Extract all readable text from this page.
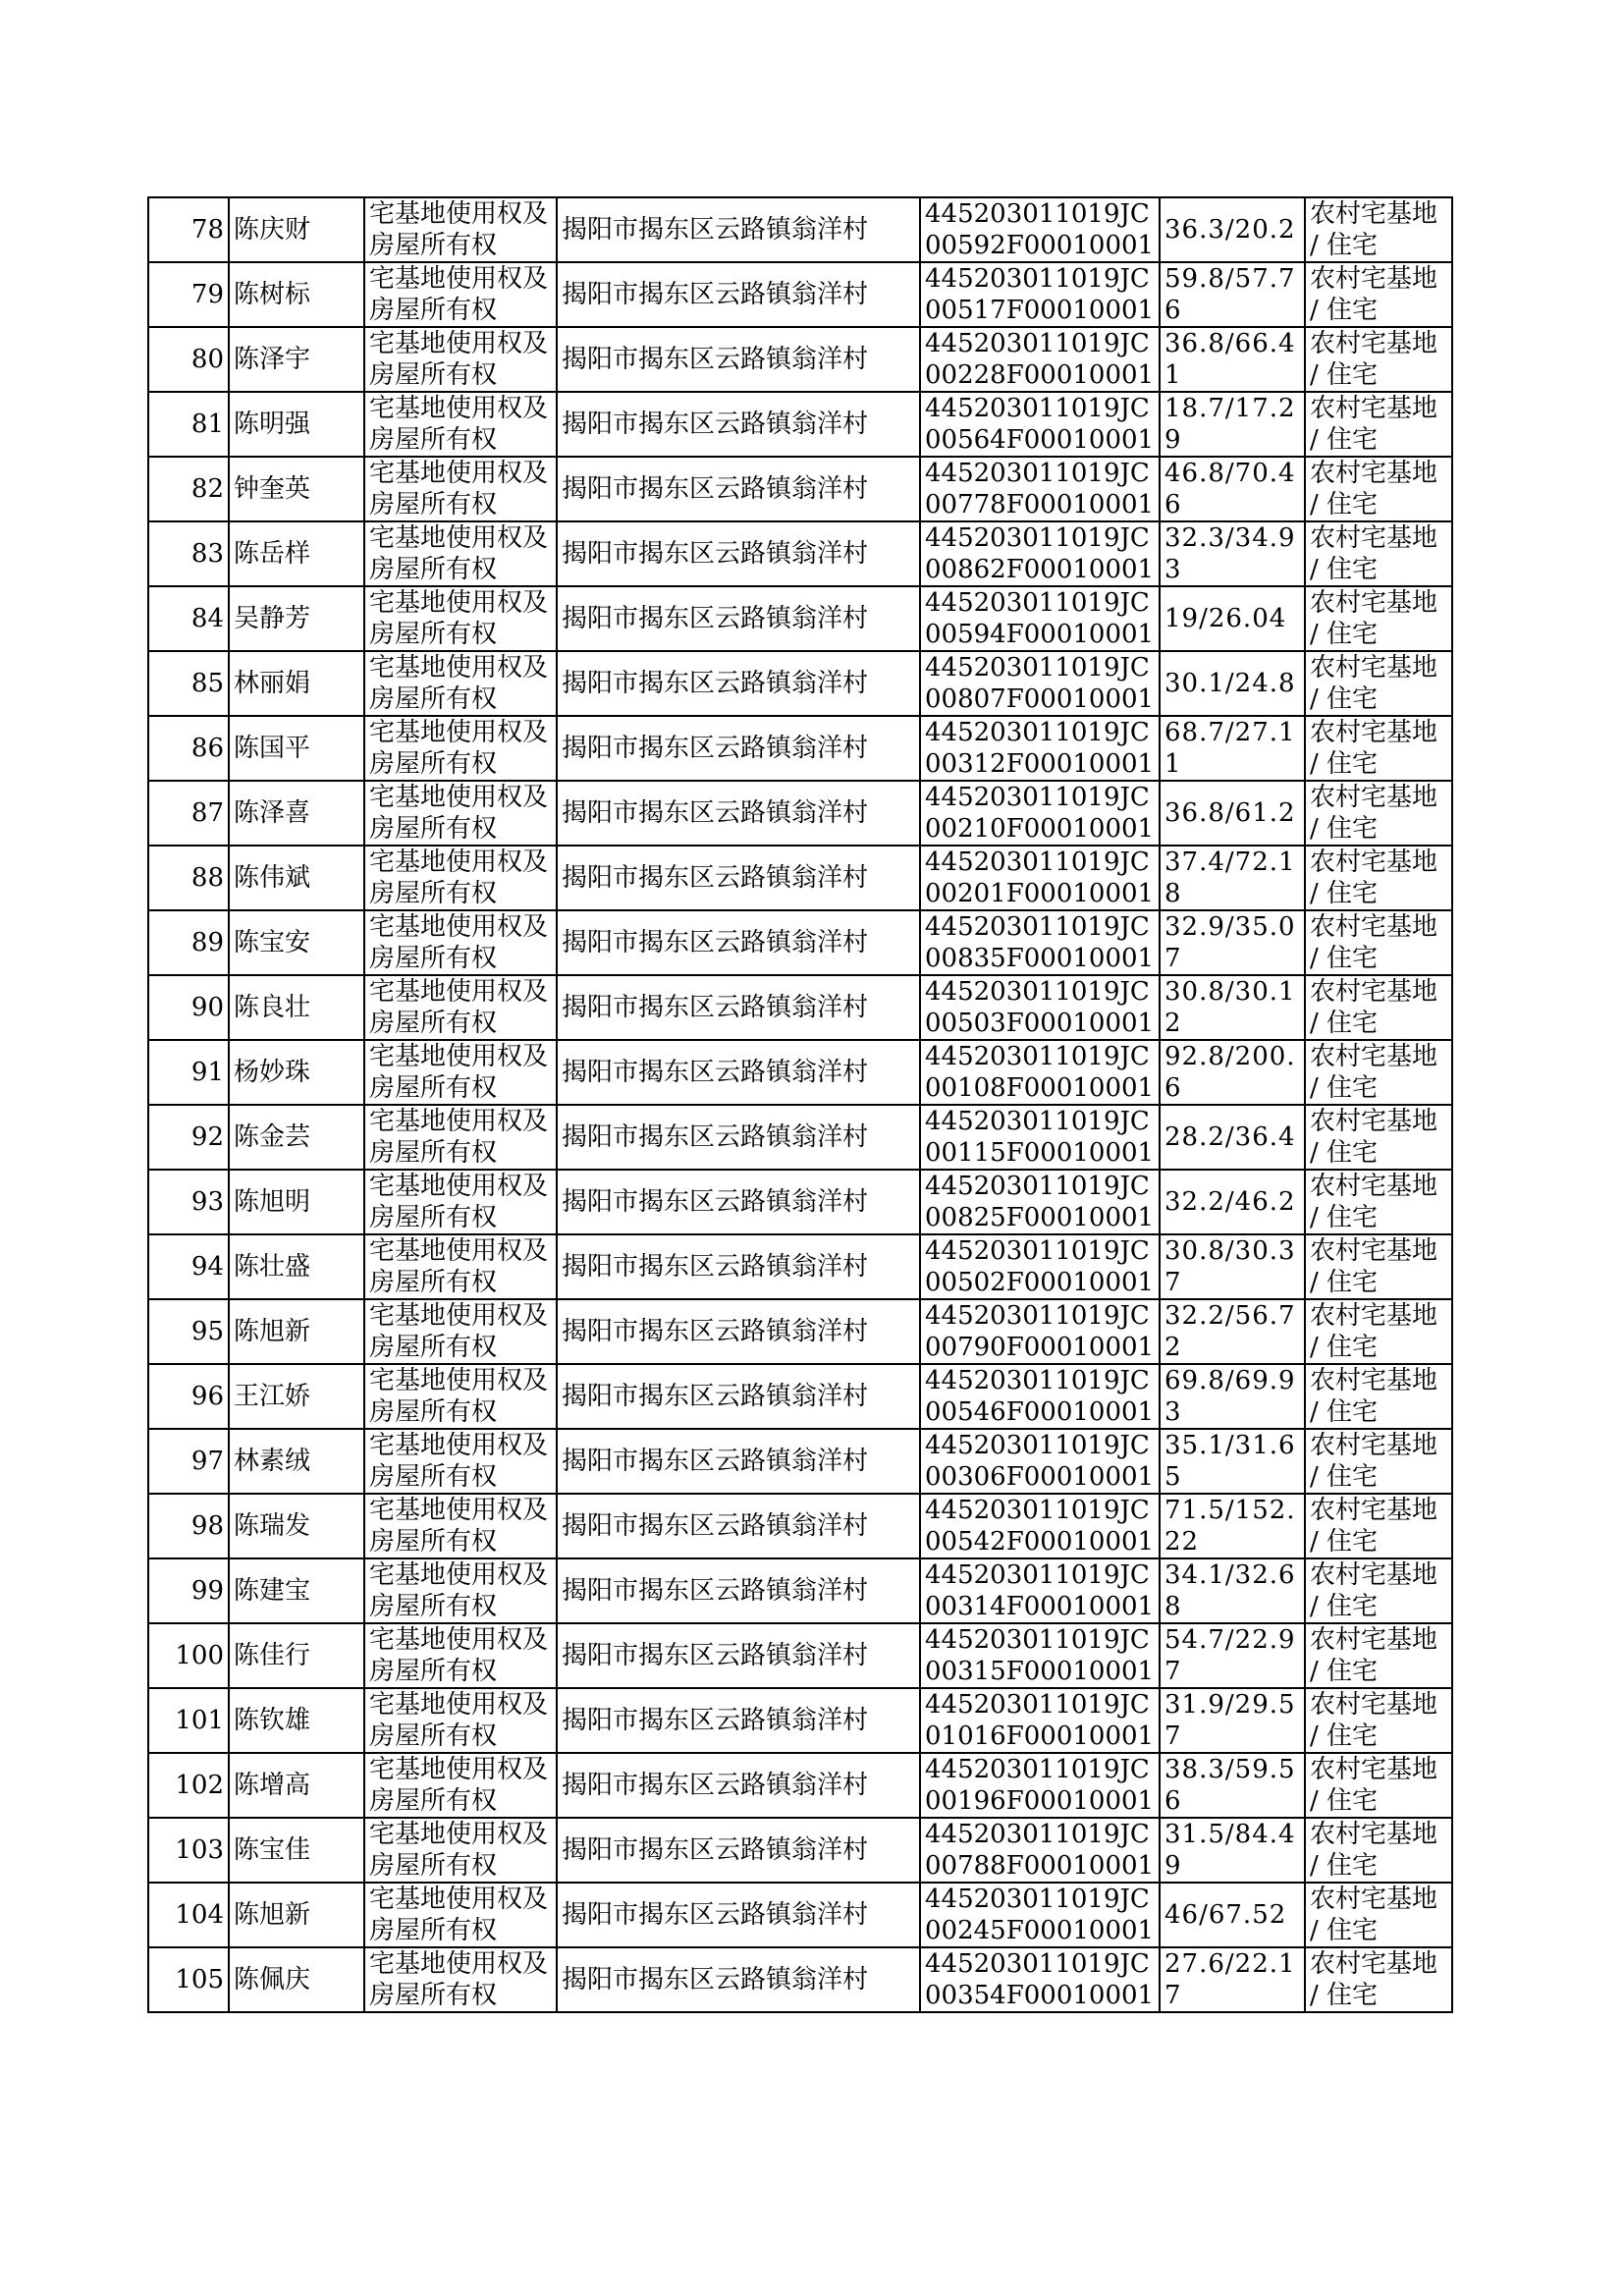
78	陈庆财	宅基地使用权及房屋所有权	揭阳市揭东区云路镇翁洋村	445203011019JC00592F00010001	36.3/20.2	农村宅基地 / 住宅
79	陈树标	宅基地使用权及房屋所有权	揭阳市揭东区云路镇翁洋村	445203011019JC00517F00010001	59.8/57.76	农村宅基地 / 住宅
80	陈泽宇	宅基地使用权及房屋所有权	揭阳市揭东区云路镇翁洋村	445203011019JC00228F00010001	36.8/66.41	农村宅基地 / 住宅
81	陈明强	宅基地使用权及房屋所有权	揭阳市揭东区云路镇翁洋村	445203011019JC00564F00010001	18.7/17.29	农村宅基地 / 住宅
82	钟奎英	宅基地使用权及房屋所有权	揭阳市揭东区云路镇翁洋村	445203011019JC00778F00010001	46.8/70.46	农村宅基地 / 住宅
83	陈岳样	宅基地使用权及房屋所有权	揭阳市揭东区云路镇翁洋村	445203011019JC00862F00010001	32.3/34.93	农村宅基地 / 住宅
84	吴静芳	宅基地使用权及房屋所有权	揭阳市揭东区云路镇翁洋村	445203011019JC00594F00010001	19/26.04	农村宅基地 / 住宅
85	林丽娟	宅基地使用权及房屋所有权	揭阳市揭东区云路镇翁洋村	445203011019JC00807F00010001	30.1/24.8	农村宅基地 / 住宅
86	陈国平	宅基地使用权及房屋所有权	揭阳市揭东区云路镇翁洋村	445203011019JC00312F00010001	68.7/27.11	农村宅基地 / 住宅
87	陈泽喜	宅基地使用权及房屋所有权	揭阳市揭东区云路镇翁洋村	445203011019JC00210F00010001	36.8/61.2	农村宅基地 / 住宅
88	陈伟斌	宅基地使用权及房屋所有权	揭阳市揭东区云路镇翁洋村	445203011019JC00201F00010001	37.4/72.18	农村宅基地 / 住宅
89	陈宝安	宅基地使用权及房屋所有权	揭阳市揭东区云路镇翁洋村	445203011019JC00835F00010001	32.9/35.07	农村宅基地 / 住宅
90	陈良壮	宅基地使用权及房屋所有权	揭阳市揭东区云路镇翁洋村	445203011019JC00503F00010001	30.8/30.12	农村宅基地 / 住宅
91	杨妙珠	宅基地使用权及房屋所有权	揭阳市揭东区云路镇翁洋村	445203011019JC00108F00010001	92.8/200.6	农村宅基地 / 住宅
92	陈金芸	宅基地使用权及房屋所有权	揭阳市揭东区云路镇翁洋村	445203011019JC00115F00010001	28.2/36.4	农村宅基地 / 住宅
93	陈旭明	宅基地使用权及房屋所有权	揭阳市揭东区云路镇翁洋村	445203011019JC00825F00010001	32.2/46.2	农村宅基地 / 住宅
94	陈壮盛	宅基地使用权及房屋所有权	揭阳市揭东区云路镇翁洋村	445203011019JC00502F00010001	30.8/30.37	农村宅基地 / 住宅
95	陈旭新	宅基地使用权及房屋所有权	揭阳市揭东区云路镇翁洋村	445203011019JC00790F00010001	32.2/56.72	农村宅基地 / 住宅
96	王江娇	宅基地使用权及房屋所有权	揭阳市揭东区云路镇翁洋村	445203011019JC00546F00010001	69.8/69.93	农村宅基地 / 住宅
97	林素绒	宅基地使用权及房屋所有权	揭阳市揭东区云路镇翁洋村	445203011019JC00306F00010001	35.1/31.65	农村宅基地 / 住宅
98	陈瑞发	宅基地使用权及房屋所有权	揭阳市揭东区云路镇翁洋村	445203011019JC00542F00010001	71.5/152.22	农村宅基地 / 住宅
99	陈建宝	宅基地使用权及房屋所有权	揭阳市揭东区云路镇翁洋村	445203011019JC00314F00010001	34.1/32.68	农村宅基地 / 住宅
100	陈佳行	宅基地使用权及房屋所有权	揭阳市揭东区云路镇翁洋村	445203011019JC00315F00010001	54.7/22.97	农村宅基地 / 住宅
101	陈钦雄	宅基地使用权及房屋所有权	揭阳市揭东区云路镇翁洋村	445203011019JC01016F00010001	31.9/29.57	农村宅基地 / 住宅
102	陈增高	宅基地使用权及房屋所有权	揭阳市揭东区云路镇翁洋村	445203011019JC00196F00010001	38.3/59.56	农村宅基地 / 住宅
103	陈宝佳	宅基地使用权及房屋所有权	揭阳市揭东区云路镇翁洋村	445203011019JC00788F00010001	31.5/84.49	农村宅基地 / 住宅
104	陈旭新	宅基地使用权及房屋所有权	揭阳市揭东区云路镇翁洋村	445203011019JC00245F00010001	46/67.52	农村宅基地 / 住宅
105	陈佩庆	宅基地使用权及房屋所有权	揭阳市揭东区云路镇翁洋村	445203011019JC00354F00010001	27.6/22.17	农村宅基地 / 住宅
